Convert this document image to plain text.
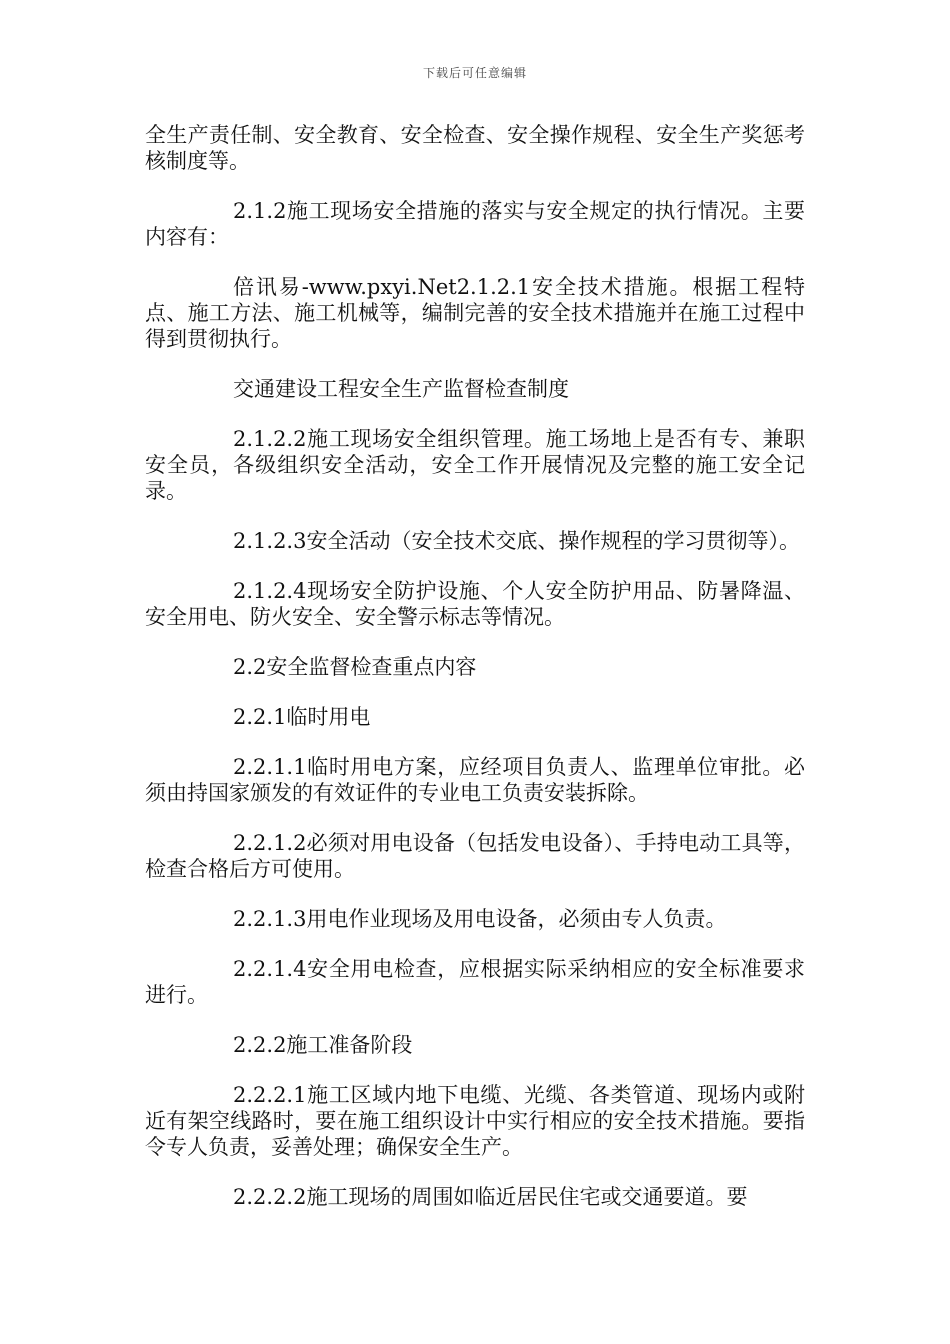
下载后可任意编辑

全生产责任制、安全教育、安全检查、安全操作规程、安全生产奖惩考核制度等。

2.1.2施工现场安全措施的落实与安全规定的执行情况。主要内容有：

倍讯易-www.pxyi.Net2.1.2.1安全技术措施。根据工程特点、施工方法、施工机械等，编制完善的安全技术措施并在施工过程中得到贯彻执行。

交通建设工程安全生产监督检查制度

2.1.2.2施工现场安全组织管理。施工场地上是否有专、兼职安全员，各级组织安全活动，安全工作开展情况及完整的施工安全记录。

2.1.2.3安全活动（安全技术交底、操作规程的学习贯彻等）。

2.1.2.4现场安全防护设施、个人安全防护用品、防暑降温、安全用电、防火安全、安全警示标志等情况。

2.2安全监督检查重点内容

2.2.1临时用电

2.2.1.1临时用电方案，应经项目负责人、监理单位审批。必须由持国家颁发的有效证件的专业电工负责安装拆除。

2.2.1.2必须对用电设备（包括发电设备）、手持电动工具等，检查合格后方可使用。

2.2.1.3用电作业现场及用电设备，必须由专人负责。

2.2.1.4安全用电检查，应根据实际采纳相应的安全标准要求进行。

2.2.2施工准备阶段

2.2.2.1施工区域内地下电缆、光缆、各类管道、现场内或附近有架空线路时，要在施工组织设计中实行相应的安全技术措施。要指令专人负责，妥善处理；确保安全生产。

2.2.2.2施工现场的周围如临近居民住宅或交通要道。要
